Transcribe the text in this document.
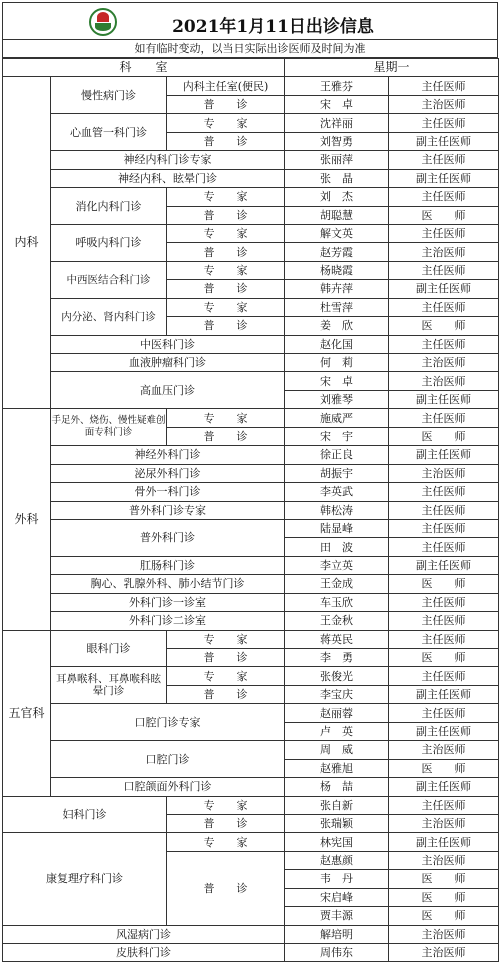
2021年1月11日出诊信息
如有临时变动，以当日实际出诊医师及时间为准
科　　室			星期一	
内科	慢性病门诊	内科主任室(便民)	王雅芬	主任医师
		普　　诊	宋　卓	主治医师
	心血管一科门诊	专　　家	沈祥丽	主任医师
		普　　诊	刘智勇	副主任医师
	神经内科门诊专家		张丽萍	主任医师
	神经内科、眩晕门诊		张　晶	副主任医师
	消化内科门诊	专　　家	刘　杰	主任医师
		普　　诊	胡聪慧	医　　师
	呼吸内科门诊	专　　家	解文英	主任医师
		普　　诊	赵芳霞	主治医师
	中西医结合科门诊	专　　家	杨晓霞	主任医师
		普　　诊	韩卉萍	副主任医师
	内分泌、肾内科门诊	专　　家	杜雪萍	主任医师
		普　　诊	姜　欣	医　　师
	中医科门诊		赵化国	主任医师
	血液肿瘤科门诊		何　莉	主治医师
	高血压门诊		宋　卓	主治医师
			刘雅琴	副主任医师
外科	手足外、烧伤、慢性疑难创面专科门诊	专　　家	施威严	主任医师
		普　　诊	宋　宇	医　　师
	神经外科门诊		徐正良	副主任医师
	泌尿外科门诊		胡振宇	主治医师
	骨外一科门诊		李英武	主任医师
	普外科门诊专家		韩松涛	主任医师
	普外科门诊		陆显峰	主任医师
			田　波	主任医师
	肛肠科门诊		李立英	副主任医师
	胸心、乳腺外科、肺小结节门诊		王金成	医　　师
	外科门诊一诊室		车玉欣	主任医师
	外科门诊二诊室		王金秋	主任医师
五官科	眼科门诊	专　　家	蒋英民	主任医师
		普　　诊	李　勇	医　　师
	耳鼻喉科、耳鼻喉科眩晕门诊	专　　家	张俊光	主任医师
		普　　诊	李宝庆	副主任医师
	口腔门诊专家		赵丽蓉	主任医师
			卢　英	副主任医师
	口腔门诊		周　威	主治医师
			赵雅旭	医　　师
	口腔颌面外科门诊		杨　喆	副主任医师
妇科门诊		专　　家	张自新	主任医师
		普　　诊	张瑞颖	主治医师
康复理疗科门诊		专　　家	林宪国	副主任医师
		普　　诊	赵惠颜	主治医师
			韦　丹	医　　师
			宋启峰	医　　师
			贾丰源	医　　师
风湿病门诊			解培明	主治医师
皮肤科门诊			周伟东	主治医师
